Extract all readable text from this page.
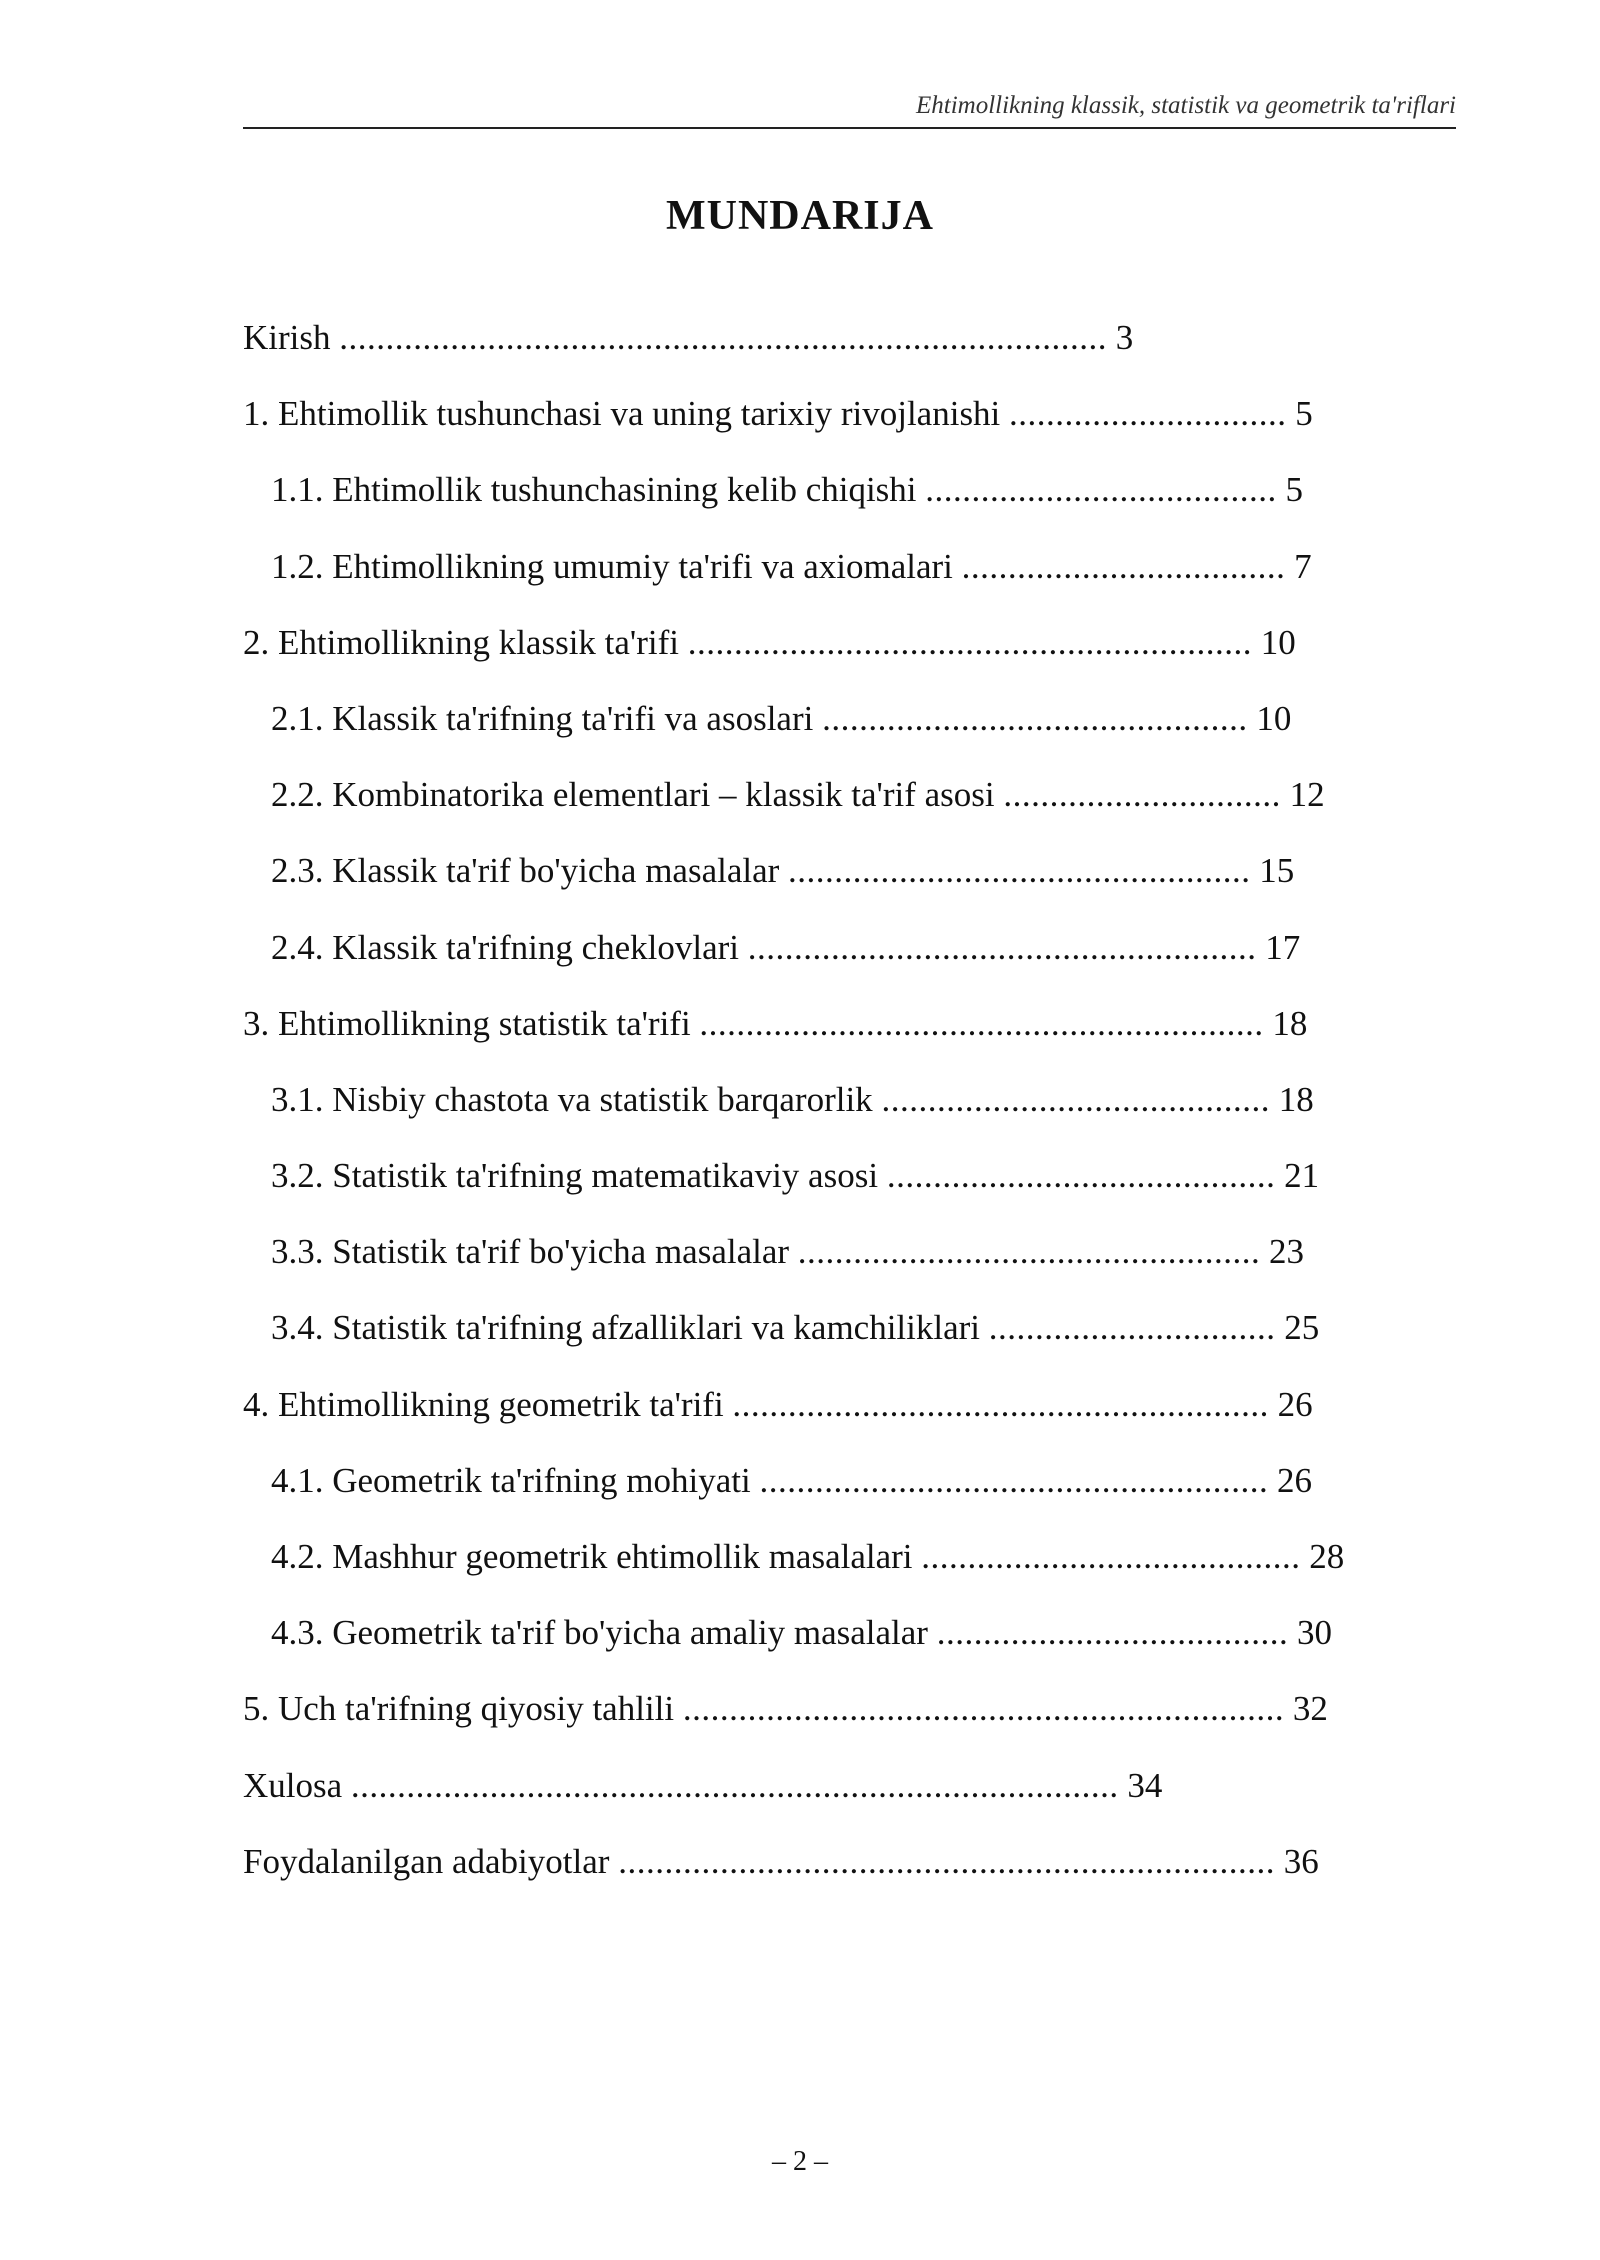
Ehtimollikning klassik, statistik va geometrik ta'riflari
MUNDARIJA
Kirish ................................................................................... 3
1. Ehtimollik tushunchasi va uning tarixiy rivojlanishi .............................. 5
1.1. Ehtimollik tushunchasining kelib chiqishi ...................................... 5
1.2. Ehtimollikning umumiy ta'rifi va axiomalari ................................... 7
2. Ehtimollikning klassik ta'rifi ............................................................. 10
2.1. Klassik ta'rifning ta'rifi va asoslari .............................................. 10
2.2. Kombinatorika elementlari – klassik ta'rif asosi .............................. 12
2.3. Klassik ta'rif bo'yicha masalalar .................................................. 15
2.4. Klassik ta'rifning cheklovlari ....................................................... 17
3. Ehtimollikning statistik ta'rifi ............................................................. 18
3.1. Nisbiy chastota va statistik barqarorlik .......................................... 18
3.2. Statistik ta'rifning matematikaviy asosi .......................................... 21
3.3. Statistik ta'rif bo'yicha masalalar .................................................. 23
3.4. Statistik ta'rifning afzalliklari va kamchiliklari ............................... 25
4. Ehtimollikning geometrik ta'rifi .......................................................... 26
4.1. Geometrik ta'rifning mohiyati ....................................................... 26
4.2. Mashhur geometrik ehtimollik masalalari ......................................... 28
4.3. Geometrik ta'rif bo'yicha amaliy masalalar ...................................... 30
5. Uch ta'rifning qiyosiy tahlili ................................................................. 32
Xulosa ................................................................................... 34
Foydalanilgan adabiyotlar ....................................................................... 36
– 2 –
